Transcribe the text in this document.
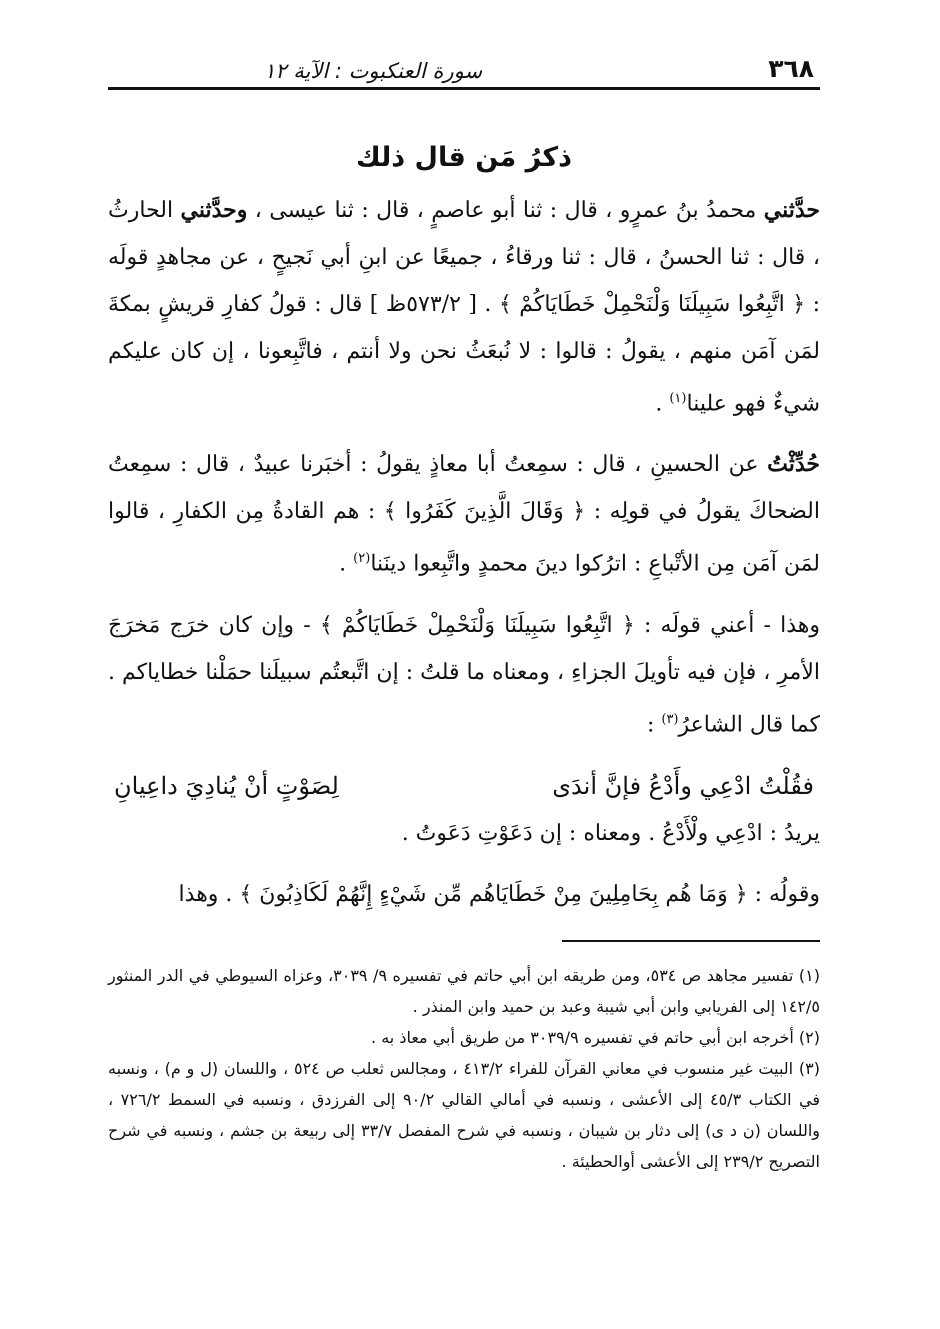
٣٦٨
سورة العنكبوت : الآية ١٢
ذكرُ مَن قال ذلك

حدَّثني محمدُ بنُ عمرٍو ، قال : ثنا أبو عاصمٍ ، قال : ثنا عيسى ، وحدَّثني الحارثُ ، قال : ثنا الحسنُ ، قال : ثنا ورقاءُ ، جميعًا عن ابنِ أبي نَجيحٍ ، عن مجاهدٍ قولَه : ﴿ اتَّبِعُوا سَبِيلَنَا وَلْنَحْمِلْ خَطَايَاكُمْ ﴾ . [ ٥٧٣/٢ظ ] قال : قولُ كفارِ قريشٍ بمكةَ لمَن آمَن منهم ، يقولُ : قالوا : لا نُبعَثُ نحن ولا أنتم ، فاتَّبِعونا ، إن كان عليكم شيءٌ فهو علينا$^{(١)}$ .

حُدِّثْتُ عن الحسينِ ، قال : سمِعتُ أبا معاذٍ يقولُ : أخبَرنا عبيدٌ ، قال : سمِعتُ الضحاكَ يقولُ في قولِه : ﴿ وَقَالَ الَّذِينَ كَفَرُوا ﴾ : هم القادةُ مِن الكفارِ ، قالوا لمَن آمَن مِن الأتْباعِ : اترُكوا دينَ محمدٍ واتَّبِعوا دينَنا$^{(٢)}$ .

وهذا - أعني قولَه : ﴿ اتَّبِعُوا سَبِيلَنَا وَلْنَحْمِلْ خَطَايَاكُمْ ﴾ - وإن كان خرَج مَخرَجَ الأمرِ ، فإن فيه تأويلَ الجزاءِ ، ومعناه ما قلتُ : إن اتَّبعتُم سبيلَنا حمَلْنا خطاياكم . كما قال الشاعرُ$^{(٣)}$ :

فقُلْتُ ادْعِي وأَدْعُ فإنَّ أندَى
لِصَوْتٍ أنْ يُنادِيَ داعِيانِ
يريدُ : ادْعِي ولْأَدْعُ . ومعناه : إن دَعَوْتِ دَعَوتُ .

وقولُه : ﴿ وَمَا هُم بِحَامِلِينَ مِنْ خَطَايَاهُم مِّن شَيْءٍ إِنَّهُمْ لَكَاذِبُونَ ﴾ . وهذا

(١) تفسير مجاهد ص ٥٣٤، ومن طريقه ابن أبي حاتم في تفسيره ٩/ ٣٠٣٩، وعزاه السيوطي في الدر المنثور ١٤٢/٥ إلى الفريابي وابن أبي شيبة وعبد بن حميد وابن المنذر .

(٢) أخرجه ابن أبي حاتم في تفسيره ٣٠٣٩/٩ من طريق أبي معاذ به .

(٣) البيت غير منسوب في معاني القرآن للفراء ٤١٣/٢ ، ومجالس ثعلب ص ٥٢٤ ، واللسان (ل و م) ، ونسبه في الكتاب ٤٥/٣ إلى الأعشى ، ونسبه في أمالي القالي ٩٠/٢ إلى الفرزدق ، ونسبه في السمط ٧٢٦/٢ ، واللسان (ن د ى) إلى دثار بن شيبان ، ونسبه في شرح المفصل ٣٣/٧ إلى ربيعة بن جشم ، ونسبه في شرح التصريح ٢٣٩/٢ إلى الأعشى أوالحطيئة .
